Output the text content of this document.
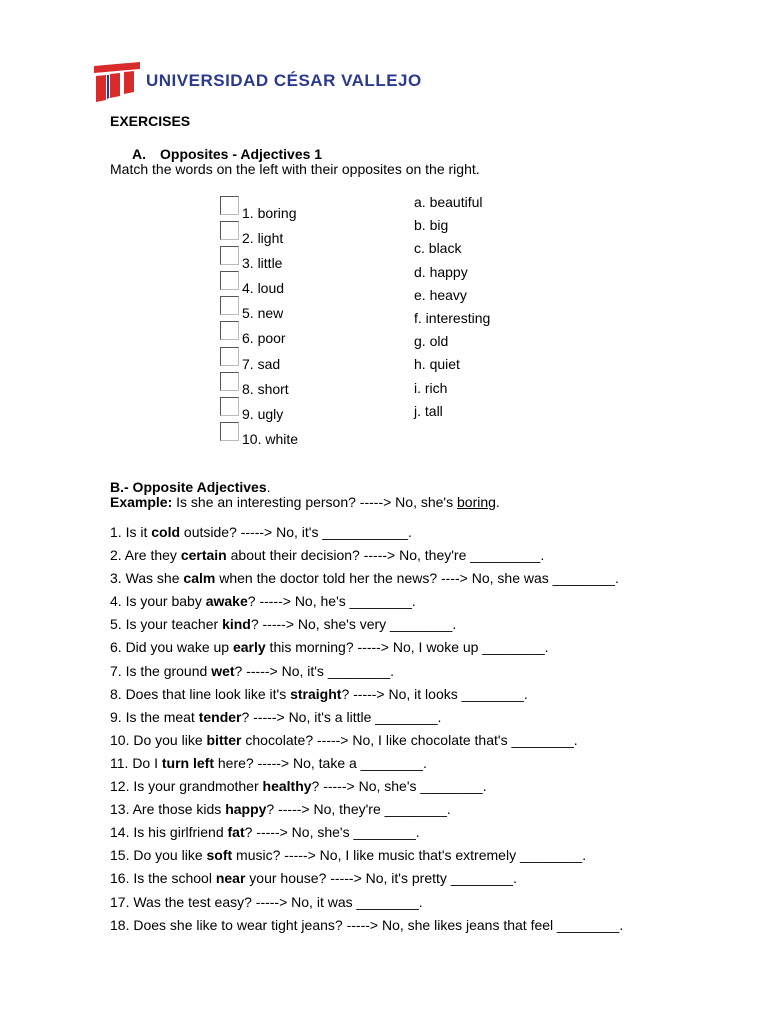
UNIVERSIDAD CÉSAR VALLEJO
EXERCISES
A. Opposites - Adjectives 1
Match the words on the left with their opposites on the right.
1. boring
2. light
3. little
4. loud
5. new
6. poor
7. sad
8. short
9. ugly
10. white
a. beautiful
b. big
c. black
d. happy
e. heavy
f. interesting
g. old
h. quiet
i. rich
j. tall
B.- Opposite Adjectives.
Example: Is she an interesting person? -----> No, she's boring.
1. Is it cold outside? -----> No, it's ___________.
2. Are they certain about their decision? -----> No, they're _________.
3. Was she calm when the doctor told her the news? ----> No, she was ________.
4. Is your baby awake? -----> No, he's ________.
5. Is your teacher kind? -----> No, she's very ________.
6. Did you wake up early this morning? -----> No, I woke up ________.
7. Is the ground wet? -----> No, it's ________.
8. Does that line look like it's straight? -----> No, it looks ________.
9. Is the meat tender? -----> No, it's a little ________.
10. Do you like bitter chocolate? -----> No, I like chocolate that's ________.
11. Do I turn left here? -----> No, take a ________.
12. Is your grandmother healthy? -----> No, she's ________.
13. Are those kids happy? -----> No, they're ________.
14. Is his girlfriend fat? -----> No, she's ________.
15. Do you like soft music? -----> No, I like music that's extremely ________.
16. Is the school near your house? -----> No, it's pretty ________.
17. Was the test easy? -----> No, it was ________.
18. Does she like to wear tight jeans? -----> No, she likes jeans that feel ________.
